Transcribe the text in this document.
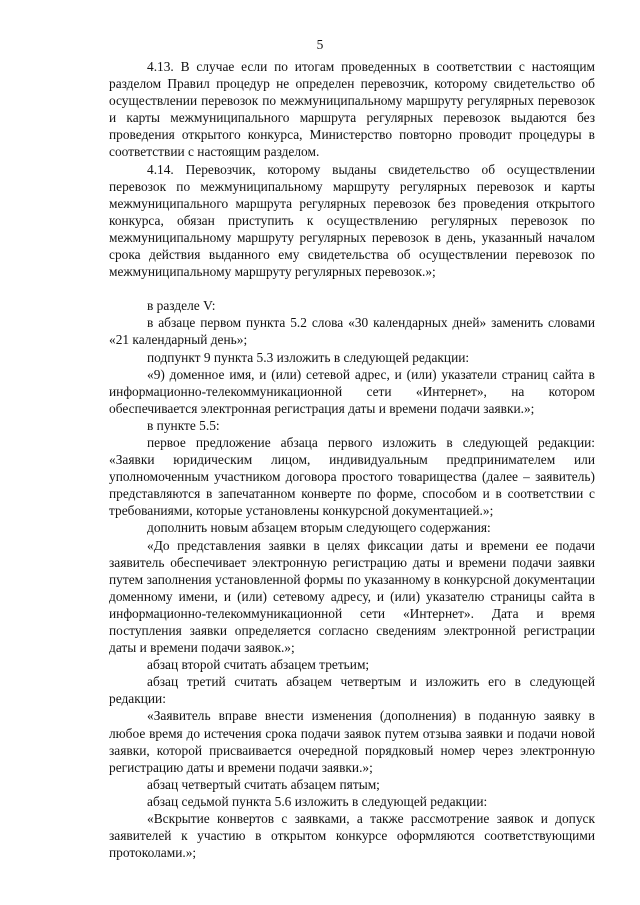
5

4.13. В случае если по итогам проведенных в соответствии с настоящим разделом Правил процедур не определен перевозчик, которому свидетельство об осуществлении перевозок по межмуниципальному маршруту регулярных перевозок и карты межмуниципального маршрута регулярных перевозок выдаются без проведения открытого конкурса, Министерство повторно проводит процедуры в соответствии с настоящим разделом.

4.14. Перевозчик, которому выданы свидетельство об осуществлении перевозок по межмуниципальному маршруту регулярных перевозок и карты межмуниципального маршрута регулярных перевозок без проведения открытого конкурса, обязан приступить к осуществлению регулярных перевозок по межмуниципальному маршруту регулярных перевозок в день, указанный началом срока действия выданного ему свидетельства об осуществлении перевозок по межмуниципальному маршруту регулярных перевозок.»;

в разделе V:

в абзаце первом пункта 5.2 слова «30 календарных дней» заменить словами «21 календарный день»;

подпункт 9 пункта 5.3 изложить в следующей редакции:

«9) доменное имя, и (или) сетевой адрес, и (или) указатели страниц сайта в информационно-телекоммуникационной сети «Интернет», на котором обеспечивается электронная регистрация даты и времени подачи заявки.»;

в пункте 5.5:

первое предложение абзаца первого изложить в следующей редакции: «Заявки юридическим лицом, индивидуальным предпринимателем или уполномоченным участником договора простого товарищества (далее – заявитель) представляются в запечатанном конверте по форме, способом и в соответствии с требованиями, которые установлены конкурсной документацией.»;

дополнить новым абзацем вторым следующего содержания:

«До представления заявки в целях фиксации даты и времени ее подачи заявитель обеспечивает электронную регистрацию даты и времени подачи заявки путем заполнения установленной формы по указанному в конкурсной документации доменному имени, и (или) сетевому адресу, и (или) указателю страницы сайта в информационно-телекоммуникационной сети «Интернет». Дата и время поступления заявки определяется согласно сведениям электронной регистрации даты и времени подачи заявок.»;

абзац второй считать абзацем третьим;

абзац третий считать абзацем четвертым и изложить его в следующей редакции:

«Заявитель вправе внести изменения (дополнения) в поданную заявку в любое время до истечения срока подачи заявок путем отзыва заявки и подачи новой заявки, которой присваивается очередной порядковый номер через электронную регистрацию даты и времени подачи заявки.»;

абзац четвертый считать абзацем пятым;

абзац седьмой пункта 5.6 изложить в следующей редакции:

«Вскрытие конвертов с заявками, а также рассмотрение заявок и допуск заявителей к участию в открытом конкурсе оформляются соответствующими протоколами.»;
